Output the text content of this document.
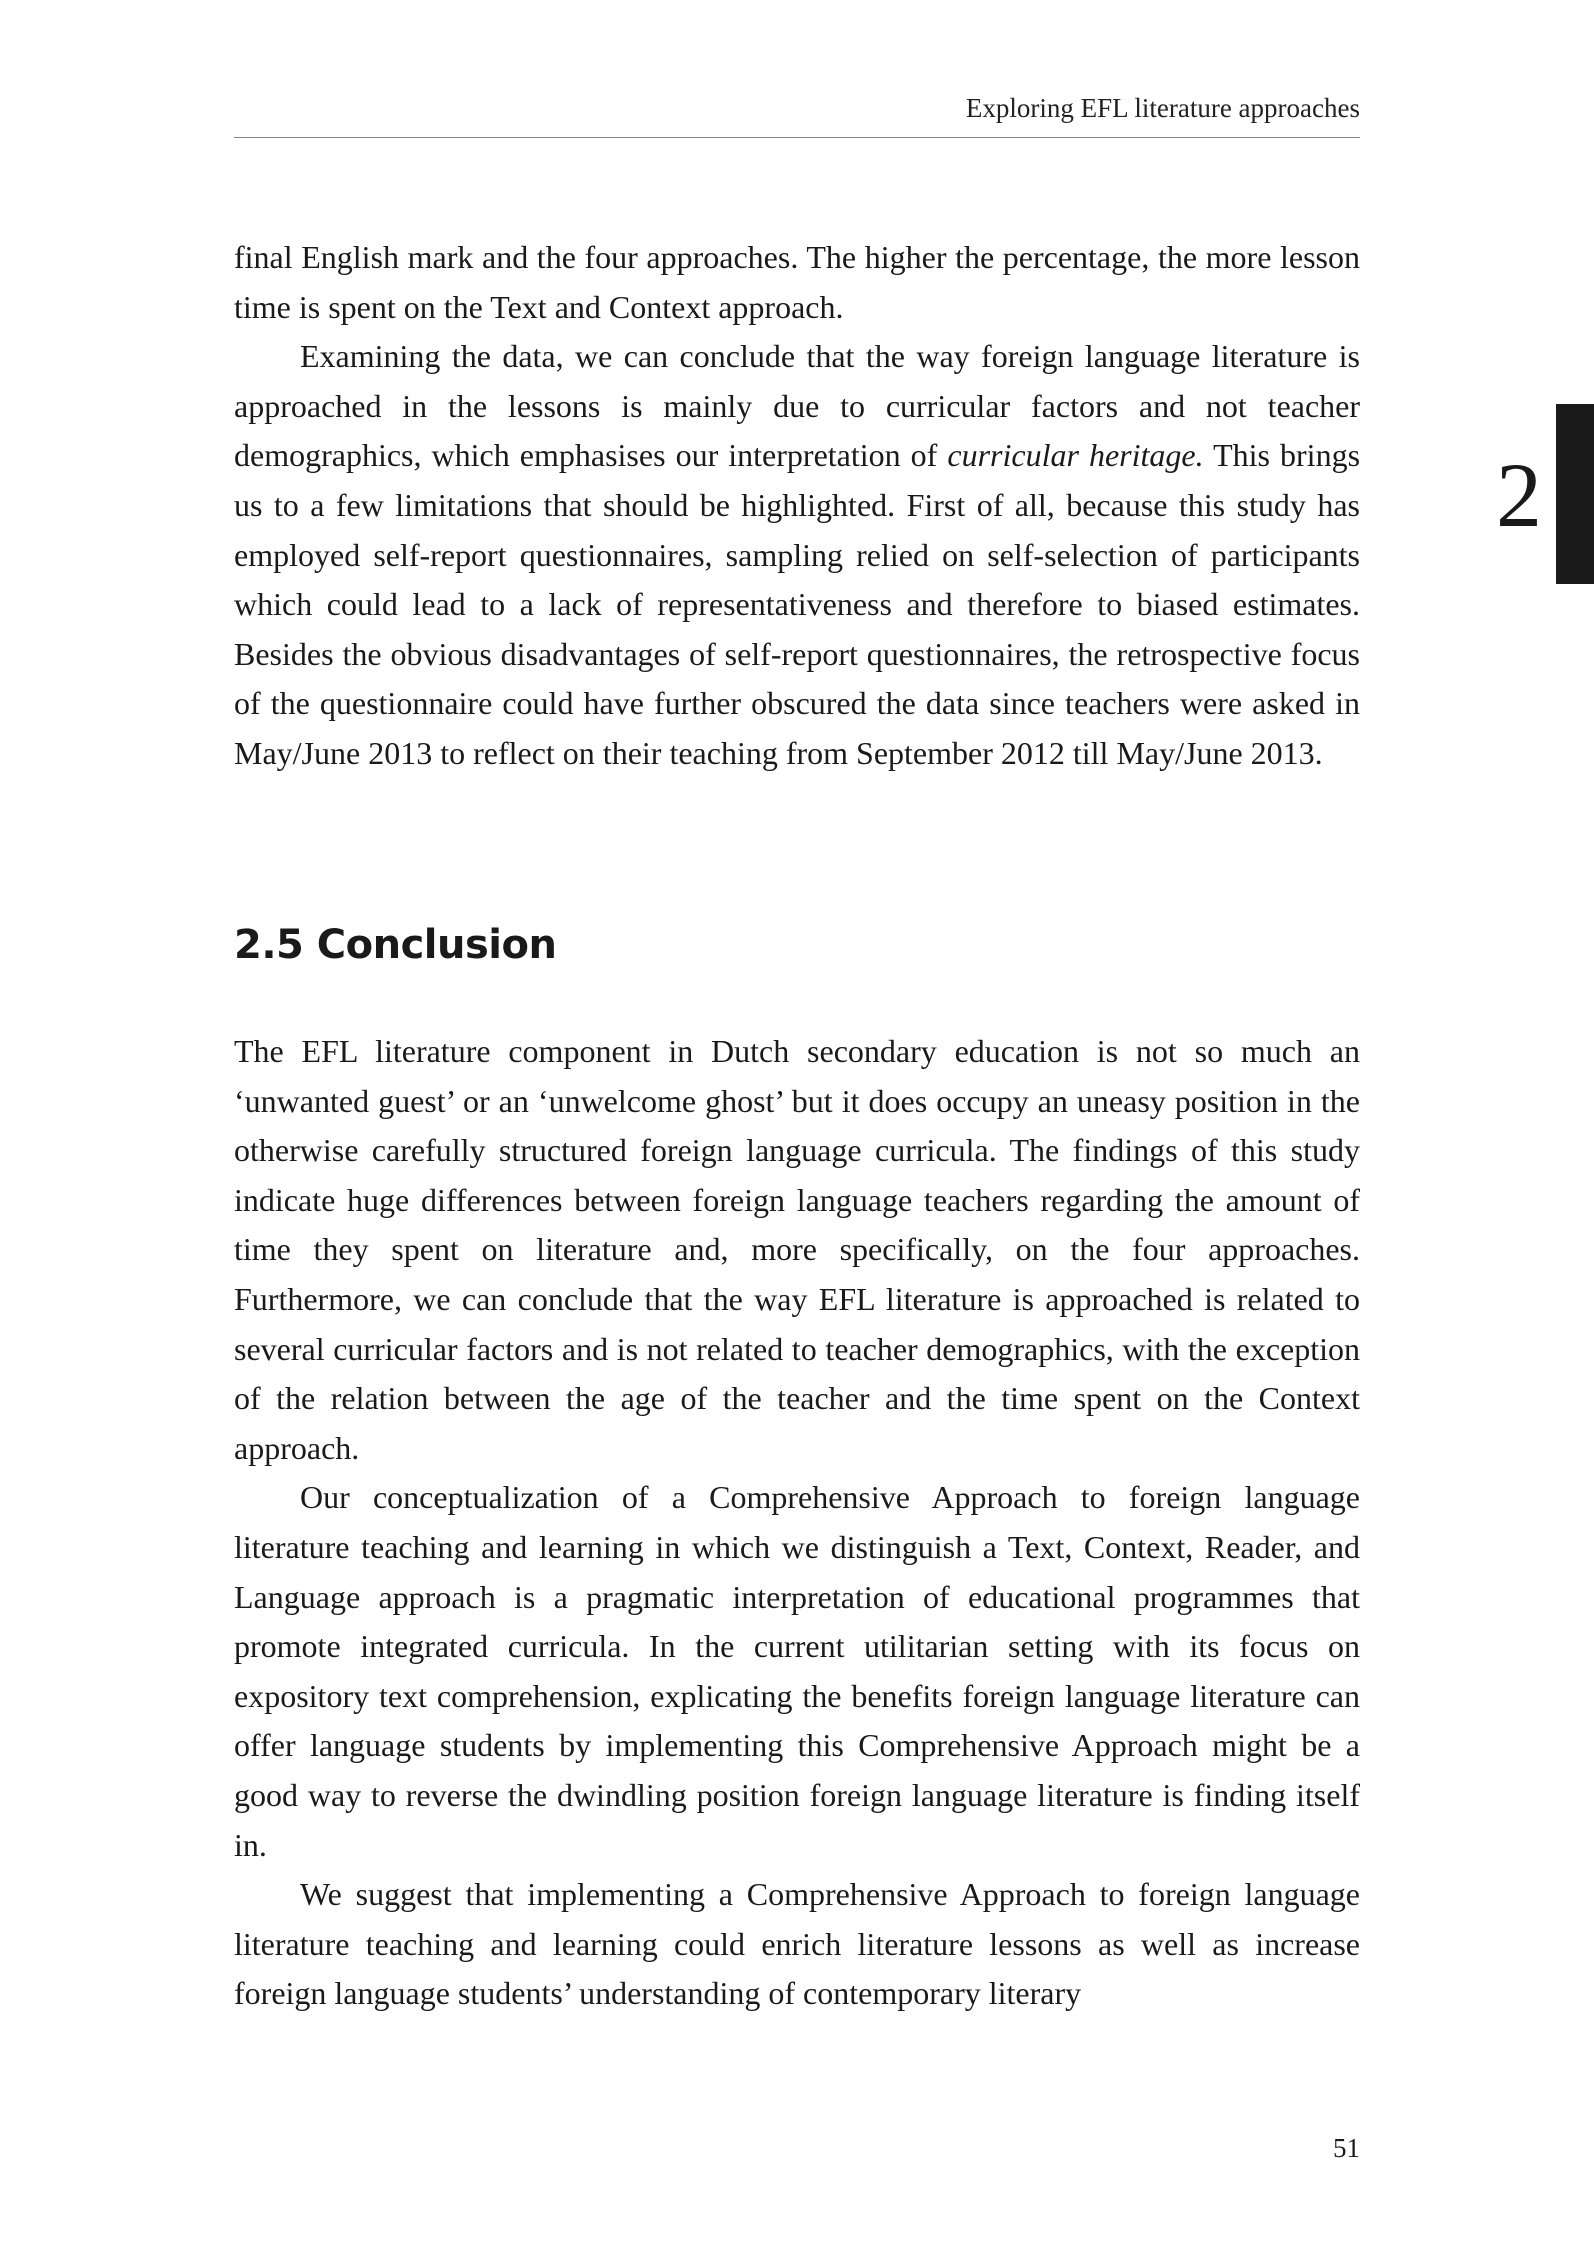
Exploring EFL literature approaches
2

final English mark and the four approaches. The higher the percentage, the more lesson time is spent on the Text and Context approach.

Examining the data, we can conclude that the way foreign language literature is approached in the lessons is mainly due to curricular factors and not teacher demographics, which emphasises our interpretation of curricular heritage. This brings us to a few limitations that should be highlighted. First of all, because this study has employed self-report questionnaires, sampling relied on self-selection of participants which could lead to a lack of representativeness and therefore to biased estimates. Besides the obvious disadvantages of self-report questionnaires, the retrospective focus of the questionnaire could have further obscured the data since teachers were asked in May/June 2013 to reflect on their teaching from September 2012 till May/June 2013.

2.5 Conclusion

The EFL literature component in Dutch secondary education is not so much an ‘unwanted guest’ or an ‘unwelcome ghost’ but it does occupy an uneasy position in the otherwise carefully structured foreign language curricula. The findings of this study indicate huge differences between foreign language teachers regarding the amount of time they spent on literature and, more specifically, on the four approaches. Furthermore, we can conclude that the way EFL literature is approached is related to several curricular factors and is not related to teacher demographics, with the exception of the relation between the age of the teacher and the time spent on the Context approach.

Our conceptualization of a Comprehensive Approach to foreign language literature teaching and learning in which we distinguish a Text, Context, Reader, and Language approach is a pragmatic interpretation of educational programmes that promote integrated curricula. In the current utilitarian setting with its focus on expository text comprehension, explicating the benefits foreign language literature can offer language students by implementing this Comprehensive Approach might be a good way to reverse the dwindling position foreign language literature is finding itself in.

We suggest that implementing a Comprehensive Approach to foreign language literature teaching and learning could enrich literature lessons as well as increase foreign language students’ understanding of contemporary literary

51
